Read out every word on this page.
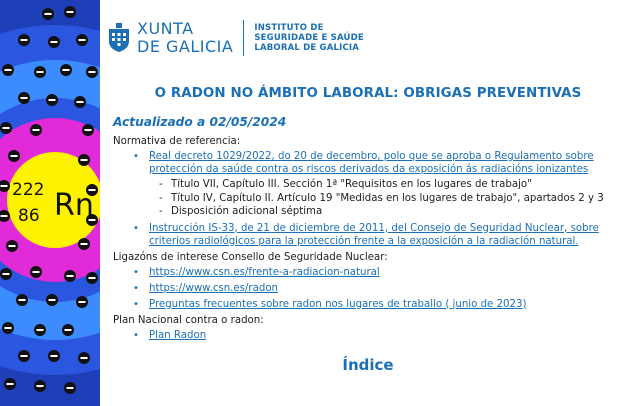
222
86 Rn
XUNTA
DE GALICIA
INSTITUTO DE
SEGURIDADE E SAÚDE
LABORAL DE GALICIA
O RADON NO ÁMBITO LABORAL: OBRIGAS PREVENTIVAS
Actualizado a 02/05/2024
Normativa de referencia:
• Real decreto 1029/2022, do 20 de decembro, polo que se aproba o Regulamento sobre protección da saúde contra os riscos derivados da exposición ás radiacións ionizantes
- Título VII, Capítulo III. Sección 1ª "Requisitos en los lugares de trabajo"
- Título IV, Capítulo II. Artículo 19 "Medidas en los lugares de trabajo", apartados 2 y 3
- Disposición adicional séptima
• Instrucción IS-33, de 21 de diciembre de 2011, del Consejo de Seguridad Nuclear, sobre criterios radiológicos para la protección frente a la exposición a la radiación natural.
Ligazóns de interese Consello de Seguridade Nuclear:
• https://www.csn.es/frente-a-radiacion-natural
• https://www.csn.es/radon
• Preguntas frecuentes sobre radon nos lugares de traballo ( junio de 2023)
Plan Nacional contra o radon:
• Plan Radon
Índice
